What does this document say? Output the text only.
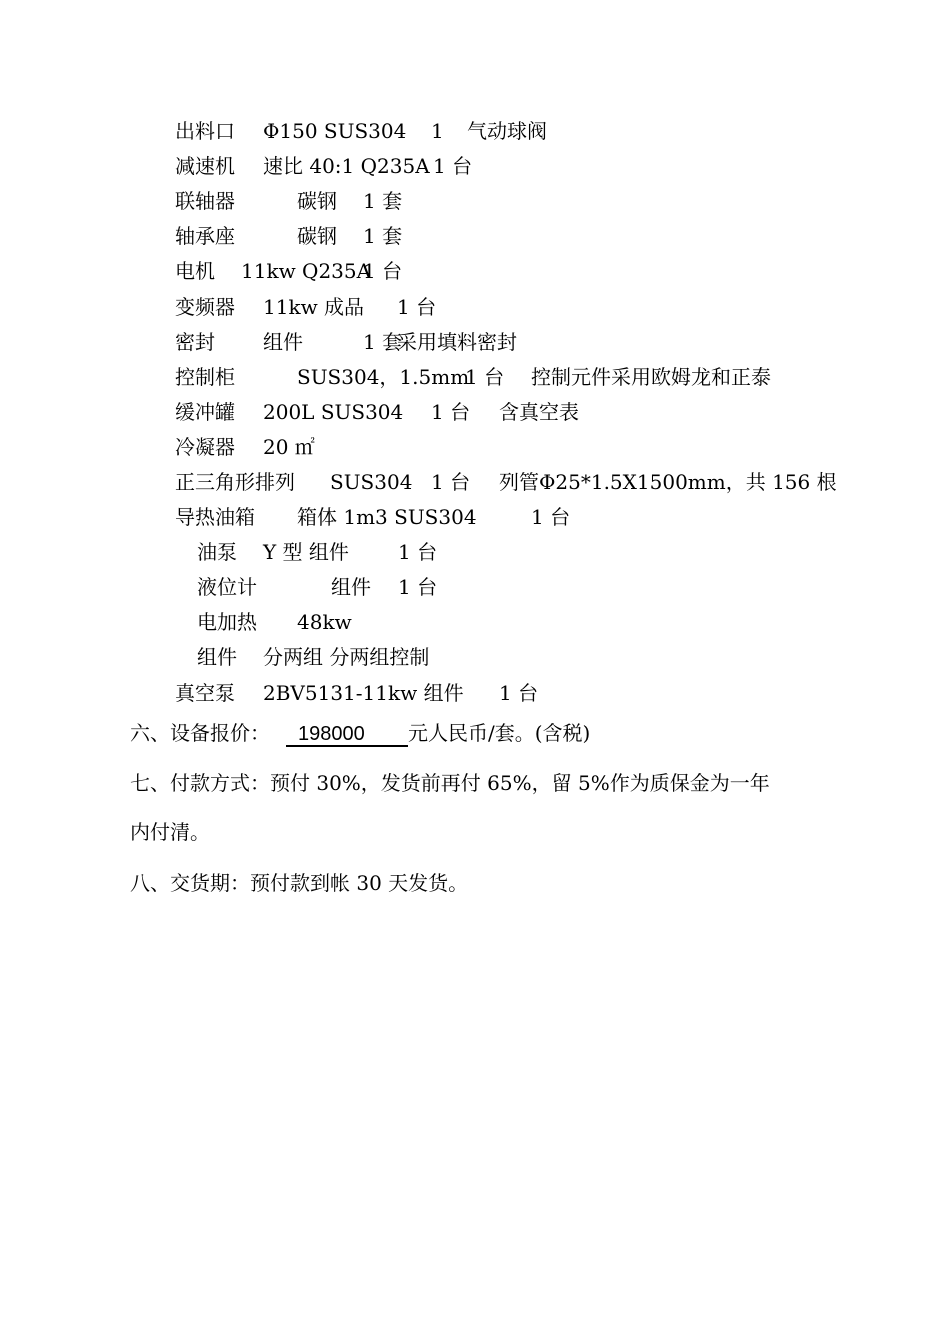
出料口 Φ150 SUS304 1 气动球阀
减速机 速比 40:1 Q235A 1 台
联轴器	碳钢 1 套
轴承座	碳钢 1 套
电机 11kw Q235A1 台
变频器 11kw 成品 1 台
密封 组件	1 套采用填料密封
控制柜	SUS304，1.5mm1 台 控制元件采用欧姆龙和正泰
缓冲罐 200L SUS304 1 台 含真空表
冷凝器 20 ㎡
正三角形排列 SUS304 1 台 列管Φ25*1.5X1500mm，共 156 根
导热油箱 箱体 1m3 SUS304	1 台
油泵 Y 型 组件 1 台
液位计	组件 1 台
电加热 48kw
组件 分两组 分两组控制
真空泵 2BV5131-11kw 组件 1 台
六、设备报价： 198000 元人民币/套。(含税)
七、付款方式：预付 30%，发货前再付 65%，留 5%作为质保金为一年
内付清。
八、交货期：预付款到帐 30 天发货。
